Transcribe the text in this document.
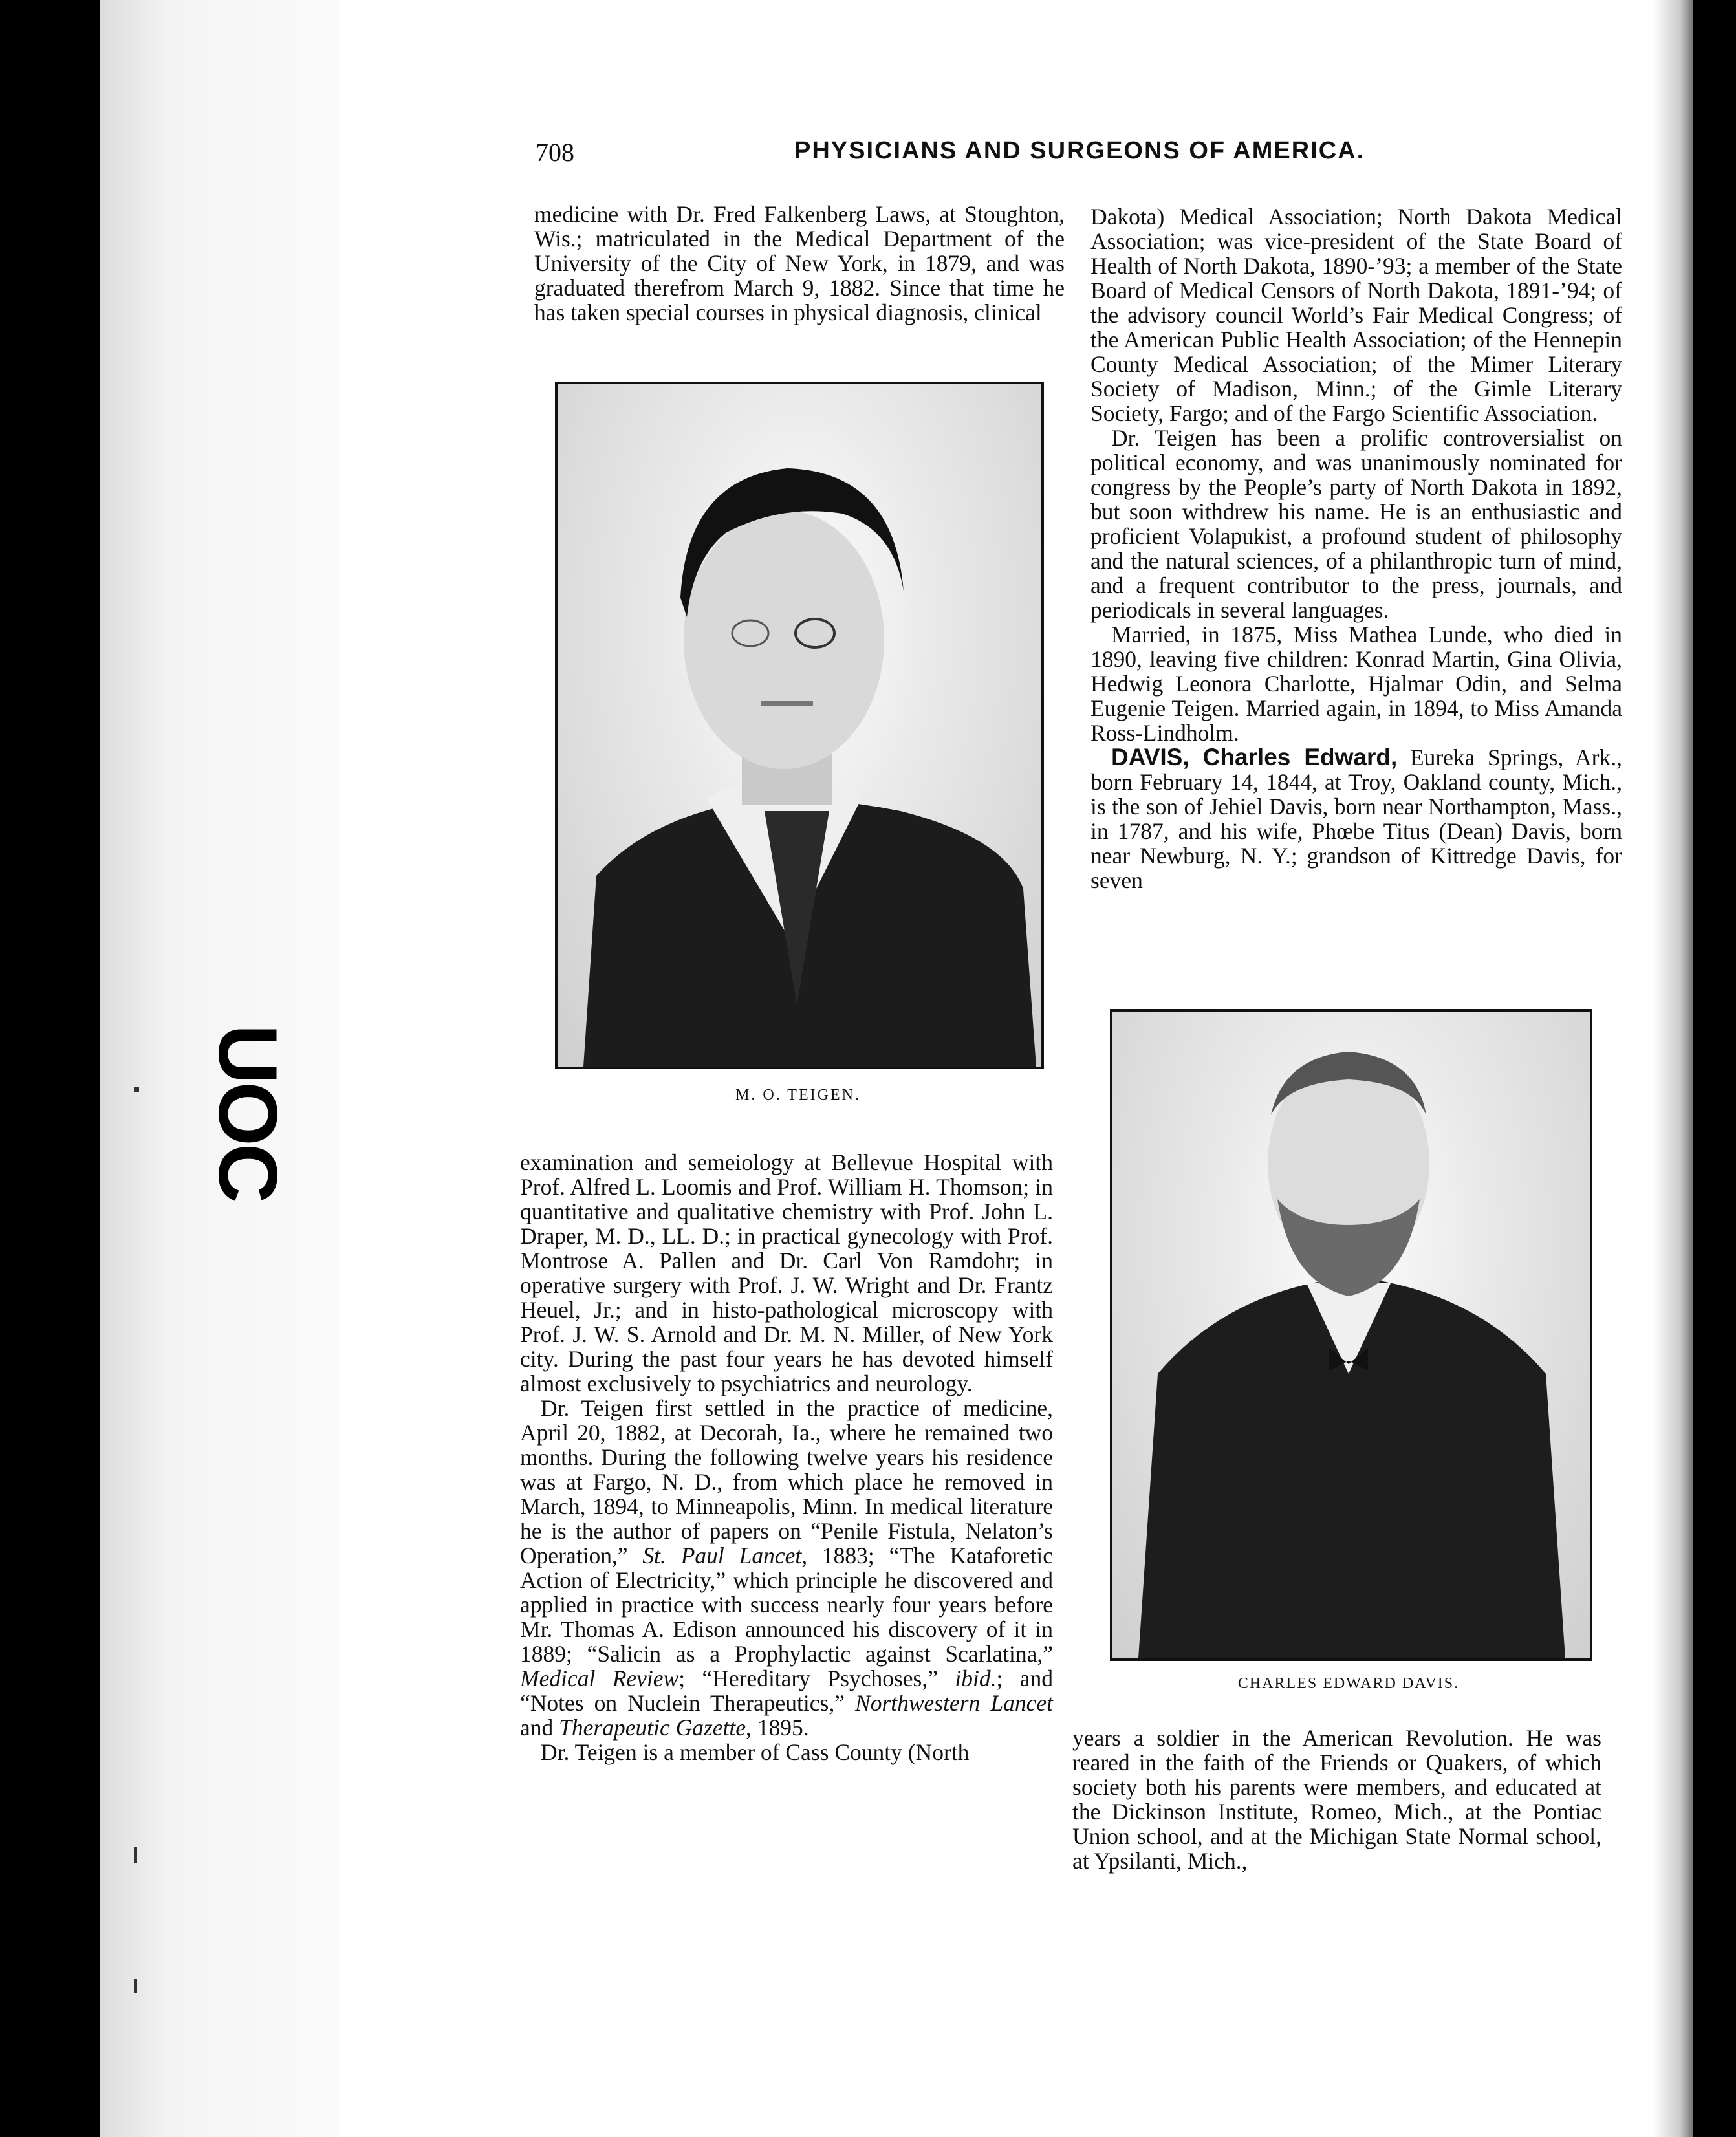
UOC
708	PHYSICIANS AND SURGEONS OF AMERICA.

medicine with Dr. Fred Falkenberg Laws, at Stoughton, Wis.; matriculated in the Medical Department of the University of the City of New York, in 1879, and was graduated therefrom March 9, 1882. Since that time he has taken special courses in physical diagnosis, clinical

M. O. TEIGEN.

examination and semeiology at Bellevue Hospital with Prof. Alfred L. Loomis and Prof. William H. Thomson; in quantitative and qualitative chemistry with Prof. John L. Draper, M. D., LL. D.; in practical gynecology with Prof. Montrose A. Pallen and Dr. Carl Von Ramdohr; in operative surgery with Prof. J. W. Wright and Dr. Frantz Heuel, Jr.; and in histo-pathological microscopy with Prof. J. W. S. Arnold and Dr. M. N. Miller, of New York city. During the past four years he has devoted himself almost exclusively to psychiatrics and neurology.

Dr. Teigen first settled in the practice of medicine, April 20, 1882, at Decorah, Ia., where he remained two months. During the following twelve years his residence was at Fargo, N. D., from which place he removed in March, 1894, to Minneapolis, Minn. In medical literature he is the author of papers on “Penile Fistula, Nelaton’s Operation,” St. Paul Lancet, 1883; “The Kataforetic Action of Electricity,” which principle he discovered and applied in practice with success nearly four years before Mr. Thomas A. Edison announced his discovery of it in 1889; “Salicin as a Prophylactic against Scarlatina,” Medical Review; “Hereditary Psychoses,” ibid.; and “Notes on Nuclein Therapeutics,” Northwestern Lancet and Therapeutic Gazette, 1895.

Dr. Teigen is a member of Cass County (North

Dakota) Medical Association; North Dakota Medical Association; was vice-president of the State Board of Health of North Dakota, 1890-’93; a member of the State Board of Medical Censors of North Dakota, 1891-’94; of the advisory council World’s Fair Medical Congress; of the American Public Health Association; of the Hennepin County Medical Association; of the Mimer Literary Society of Madison, Minn.; of the Gimle Literary Society, Fargo; and of the Fargo Scientific Association.

Dr. Teigen has been a prolific controversialist on political economy, and was unanimously nominated for congress by the People’s party of North Dakota in 1892, but soon withdrew his name. He is an enthusiastic and proficient Volapukist, a profound student of philosophy and the natural sciences, of a philanthropic turn of mind, and a frequent contributor to the press, journals, and periodicals in several languages.

Married, in 1875, Miss Mathea Lunde, who died in 1890, leaving five children: Konrad Martin, Gina Olivia, Hedwig Leonora Charlotte, Hjalmar Odin, and Selma Eugenie Teigen. Married again, in 1894, to Miss Amanda Ross-Lindholm.

DAVIS, Charles Edward, Eureka Springs, Ark., born February 14, 1844, at Troy, Oakland county, Mich., is the son of Jehiel Davis, born near Northampton, Mass., in 1787, and his wife, Phœbe Titus (Dean) Davis, born near Newburg, N. Y.; grandson of Kittredge Davis, for seven

CHARLES EDWARD DAVIS.

years a soldier in the American Revolution. He was reared in the faith of the Friends or Quakers, of which society both his parents were members, and educated at the Dickinson Institute, Romeo, Mich., at the Pontiac Union school, and at the Michigan State Normal school, at Ypsilanti, Mich.,
